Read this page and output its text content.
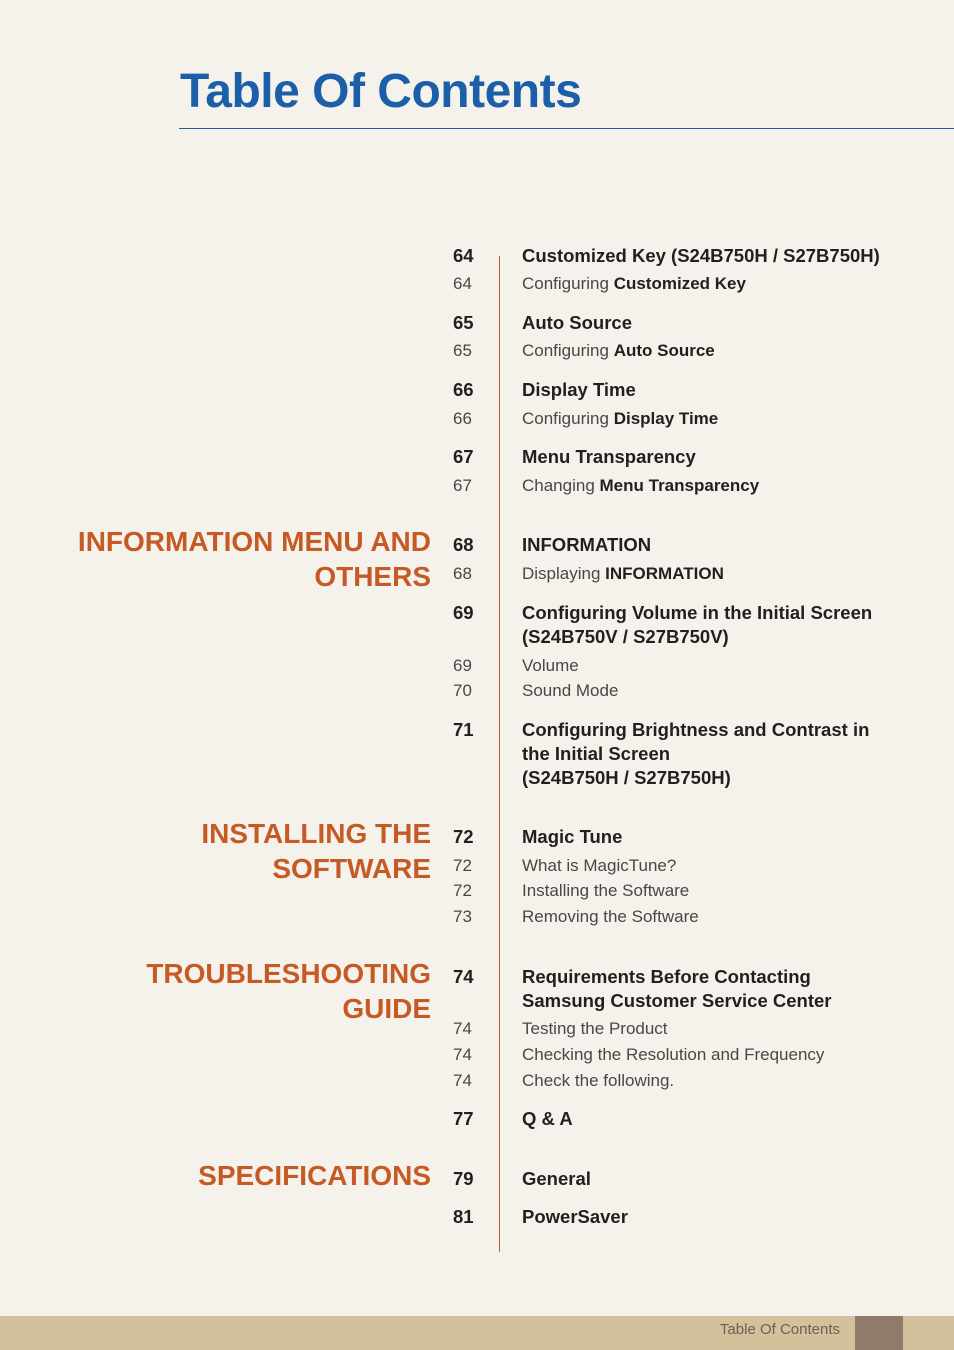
Table Of Contents
INFORMATION MENU AND
OTHERS
INSTALLING THE
SOFTWARE
TROUBLESHOOTING
GUIDE
SPECIFICATIONS
64	Customized Key (S24B750H / S27B750H)
64	Configuring Customized Key
65	Auto Source
65	Configuring Auto Source
66	Display Time
66	Configuring Display Time
67	Menu Transparency
67	Changing Menu Transparency
68	INFORMATION
68	Displaying INFORMATION
69	Configuring Volume in the Initial Screen
(S24B750V / S27B750V)
69	Volume
70	Sound Mode
71	Configuring Brightness and Contrast in
the Initial Screen
(S24B750H / S27B750H)
72	Magic Tune
72	What is MagicTune?
72	Installing the Software
73	Removing the Software
74	Requirements Before Contacting
Samsung Customer Service Center
74	Testing the Product
74	Checking the Resolution and Frequency
74	Check the following.
77	Q & A
79	General
81	PowerSaver
Table Of Contents
